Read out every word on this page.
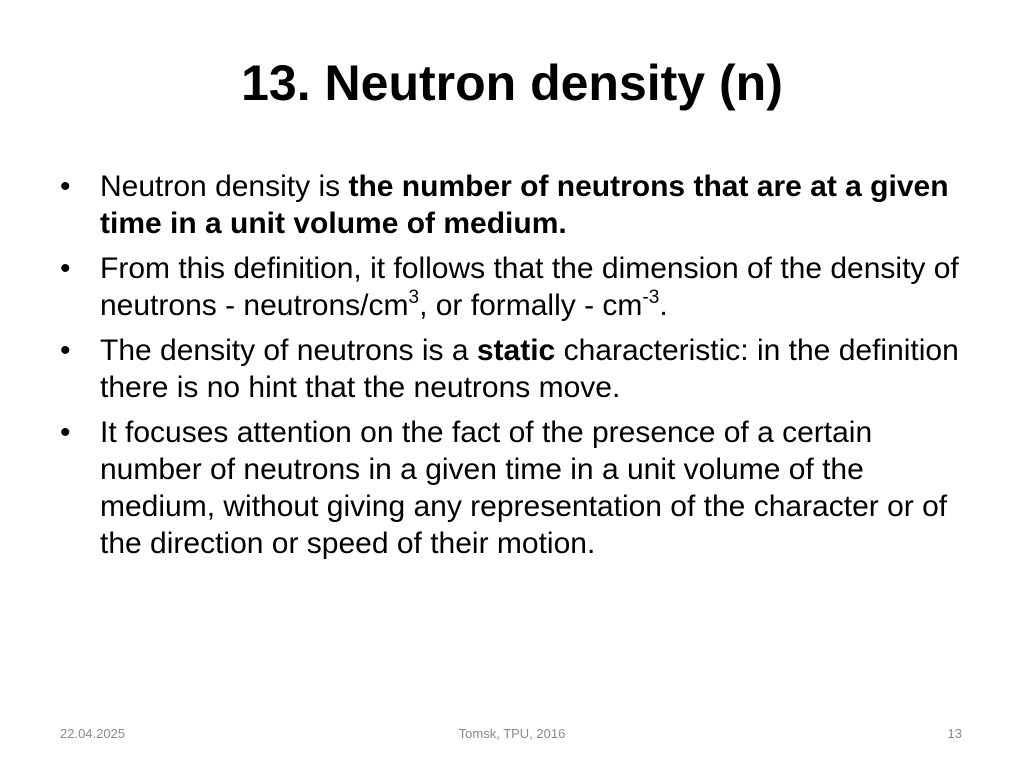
13. Neutron density (n)
• Neutron density is the number of neutrons that are at a given time in a unit volume of medium.
• From this definition, it follows that the dimension of the density of neutrons - neutrons/$cm^3$, or formally - $cm^{-3}$.
• The density of neutrons is a static characteristic: in the definition there is no hint that the neutrons move.
• It focuses attention on the fact of the presence of a certain number of neutrons in a given time in a unit volume of the medium, without giving any representation of the character or of the direction or speed of their motion.
22.04.2025	Tomsk, TPU, 2016	13
